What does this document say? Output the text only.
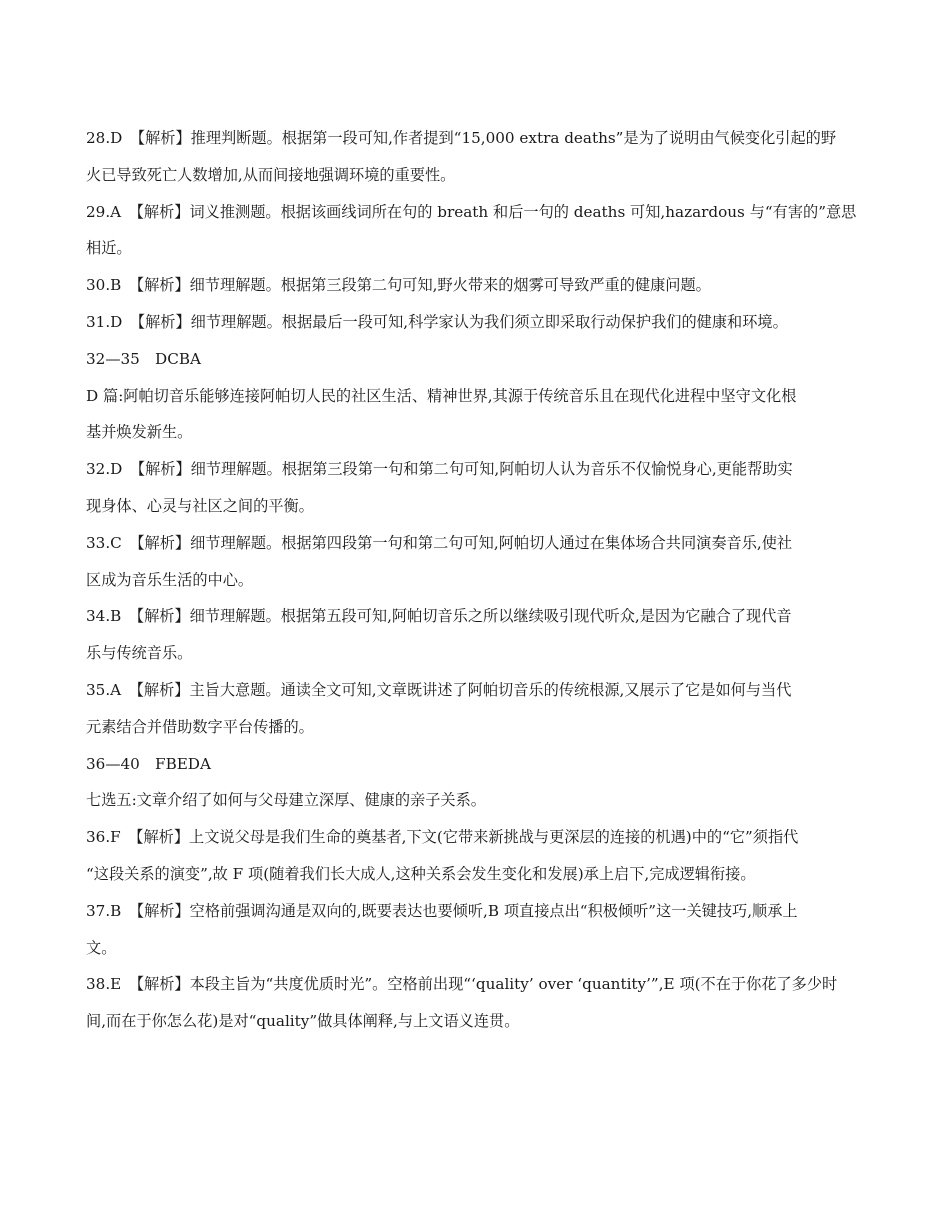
28.D　【解析】推理判断题。根据第一段可知,作者提到“15,000 extra deaths”是为了说明由气候变化引起的野

火已导致死亡人数增加,从而间接地强调环境的重要性。

29.A　【解析】词义推测题。根据该画线词所在句的 breath 和后一句的 deaths 可知,hazardous 与“有害的”意思

相近。

30.B　【解析】细节理解题。根据第三段第二句可知,野火带来的烟雾可导致严重的健康问题。

31.D　【解析】细节理解题。根据最后一段可知,科学家认为我们须立即采取行动保护我们的健康和环境。

32—35　DCBA

D 篇:阿帕切音乐能够连接阿帕切人民的社区生活、精神世界,其源于传统音乐且在现代化进程中坚守文化根

基并焕发新生。

32.D　【解析】细节理解题。根据第三段第一句和第二句可知,阿帕切人认为音乐不仅愉悦身心,更能帮助实

现身体、心灵与社区之间的平衡。

33.C　【解析】细节理解题。根据第四段第一句和第二句可知,阿帕切人通过在集体场合共同演奏音乐,使社

区成为音乐生活的中心。

34.B　【解析】细节理解题。根据第五段可知,阿帕切音乐之所以继续吸引现代听众,是因为它融合了现代音

乐与传统音乐。

35.A　【解析】主旨大意题。通读全文可知,文章既讲述了阿帕切音乐的传统根源,又展示了它是如何与当代

元素结合并借助数字平台传播的。

36—40　FBEDA

七选五:文章介绍了如何与父母建立深厚、健康的亲子关系。

36.F　【解析】上文说父母是我们生命的奠基者,下文(它带来新挑战与更深层的连接的机遇)中的“它”须指代

“这段关系的演变”,故 F 项(随着我们长大成人,这种关系会发生变化和发展)承上启下,完成逻辑衔接。

37.B　【解析】空格前强调沟通是双向的,既要表达也要倾听,B 项直接点出“积极倾听”这一关键技巧,顺承上

文。

38.E　【解析】本段主旨为“共度优质时光”。空格前出现“‘quality’ over ‘quantity’”,E 项(不在于你花了多少时

间,而在于你怎么花)是对“quality”做具体阐释,与上文语义连贯。
